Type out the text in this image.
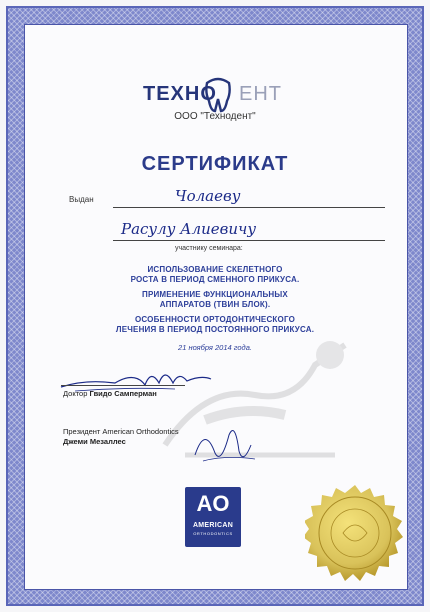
ТЕХНО ЕНТ
ООО "Технодент"
СЕРТИФИКАТ
Выдан	Чолаеву
Расулу Алиевичу
участнику семинара:
ИСПОЛЬЗОВАНИЕ СКЕЛЕТНОГО
РОСТА В ПЕРИОД СМЕННОГО ПРИКУСА.
ПРИМЕНЕНИЕ ФУНКЦИОНАЛЬНЫХ
АППАРАТОВ (ТВИН БЛОК).
ОСОБЕННОСТИ ОРТОДОНТИЧЕСКОГО
ЛЕЧЕНИЯ В ПЕРИОД ПОСТОЯННОГО ПРИКУСА.
21 ноября 2014 года.
Доктор Гвидо Самперман
Президент American Orthodontics
Джеми Мезаллес
AO
AMERICAN
ORTHODONTICS
